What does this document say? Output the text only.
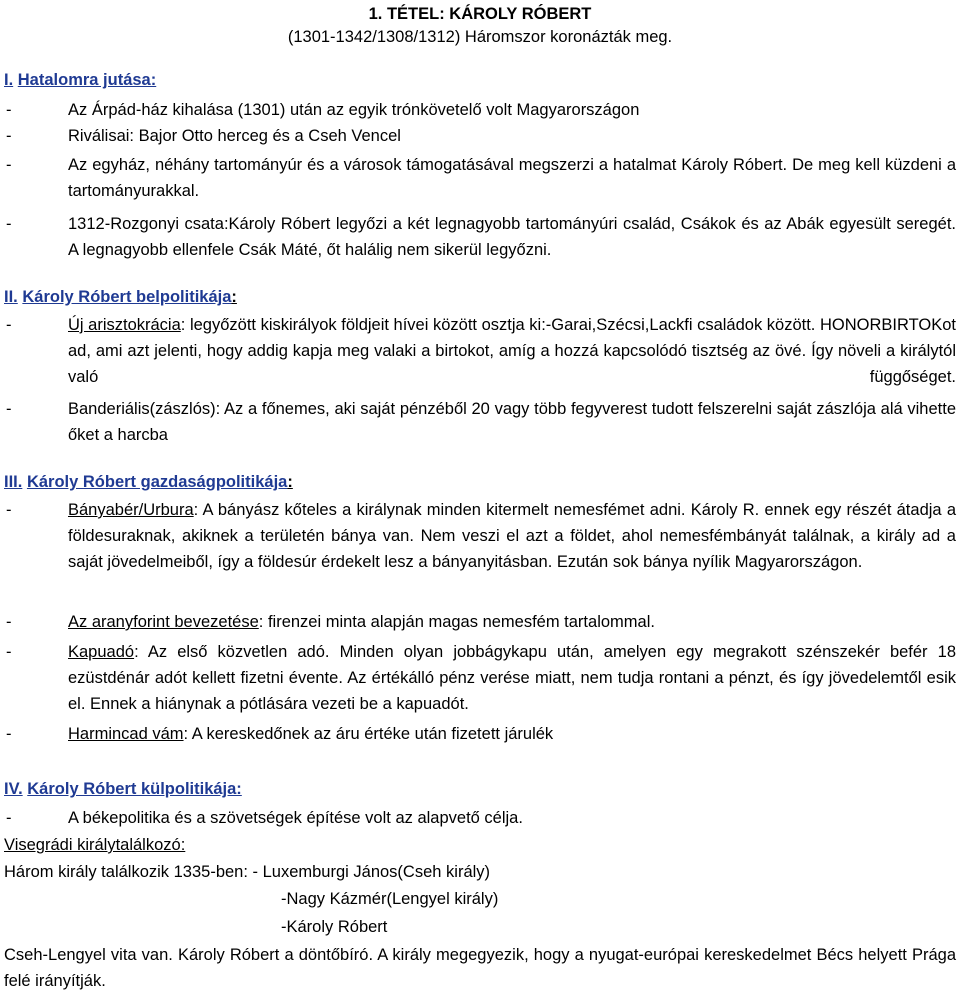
1. TÉTEL: KÁROLY RÓBERT
(1301-1342/1308/1312) Háromszor koronázták meg.
I. Hatalomra jutása:
-	Az Árpád-ház kihalása (1301) után az egyik trónkövetelő volt Magyarországon
-	Riválisai: Bajor Otto herceg és a Cseh Vencel
-	Az egyház, néhány tartományúr és a városok támogatásával megszerzi a hatalmat Károly Róbert. De meg kell küzdeni a tartományurakkal.
-	1312-Rozgonyi csata:Károly Róbert legyőzi a két legnagyobb tartományúri család, Csákok és az Abák egyesült seregét. A legnagyobb ellenfele Csák Máté, őt halálig nem sikerül legyőzni.
II. Károly Róbert belpolitikája:
-	Új arisztokrácia: legyőzött kiskirályok földjeit hívei között osztja ki:-Garai,Szécsi,Lackfi családok között. HONORBIRTOKot ad, ami azt jelenti, hogy addig kapja meg valaki a birtokot, amíg a hozzá kapcsolódó tisztség az övé. Így növeli a királytól való függőséget.
-	Banderiális(zászlós): Az a főnemes, aki saját pénzéből 20 vagy több fegyverest tudott felszerelni saját zászlója alá vihette őket a harcba
III. Károly Róbert gazdaságpolitikája:
-	Bányabér/Urbura: A bányász kőteles a királynak minden kitermelt nemesfémet adni. Károly R. ennek egy részét átadja a földesuraknak, akiknek a területén bánya van. Nem veszi el azt a földet, ahol nemesfémbányát találnak, a király ad a saját jövedelmeiből, így a földesúr érdekelt lesz a bányanyitásban. Ezután sok bánya nyílik Magyarországon.
-	Az aranyforint bevezetése: firenzei minta alapján magas nemesfém tartalommal.
-	Kapuadó: Az első közvetlen adó. Minden olyan jobbágykapu után, amelyen egy megrakott szénszekér befér 18 ezüstdénár adót kellett fizetni évente. Az értékálló pénz verése miatt, nem tudja rontani a pénzt, és így jövedelemtől esik el. Ennek a hiánynak a pótlására vezeti be a kapuadót.
-	Harmincad vám: A kereskedőnek az áru értéke után fizetett járulék
IV. Károly Róbert külpolitikája:
-	A békepolitika és a szövetségek építése volt az alapvető célja.
Visegrádi királytalálkozó:
Három király találkozik 1335-ben: - Luxemburgi János(Cseh király)
-Nagy Kázmér(Lengyel király)
-Károly Róbert
Cseh-Lengyel vita van. Károly Róbert a döntőbíró. A király megegyezik, hogy a nyugat-európai kereskedelmet Bécs helyett Prága felé irányítják.
